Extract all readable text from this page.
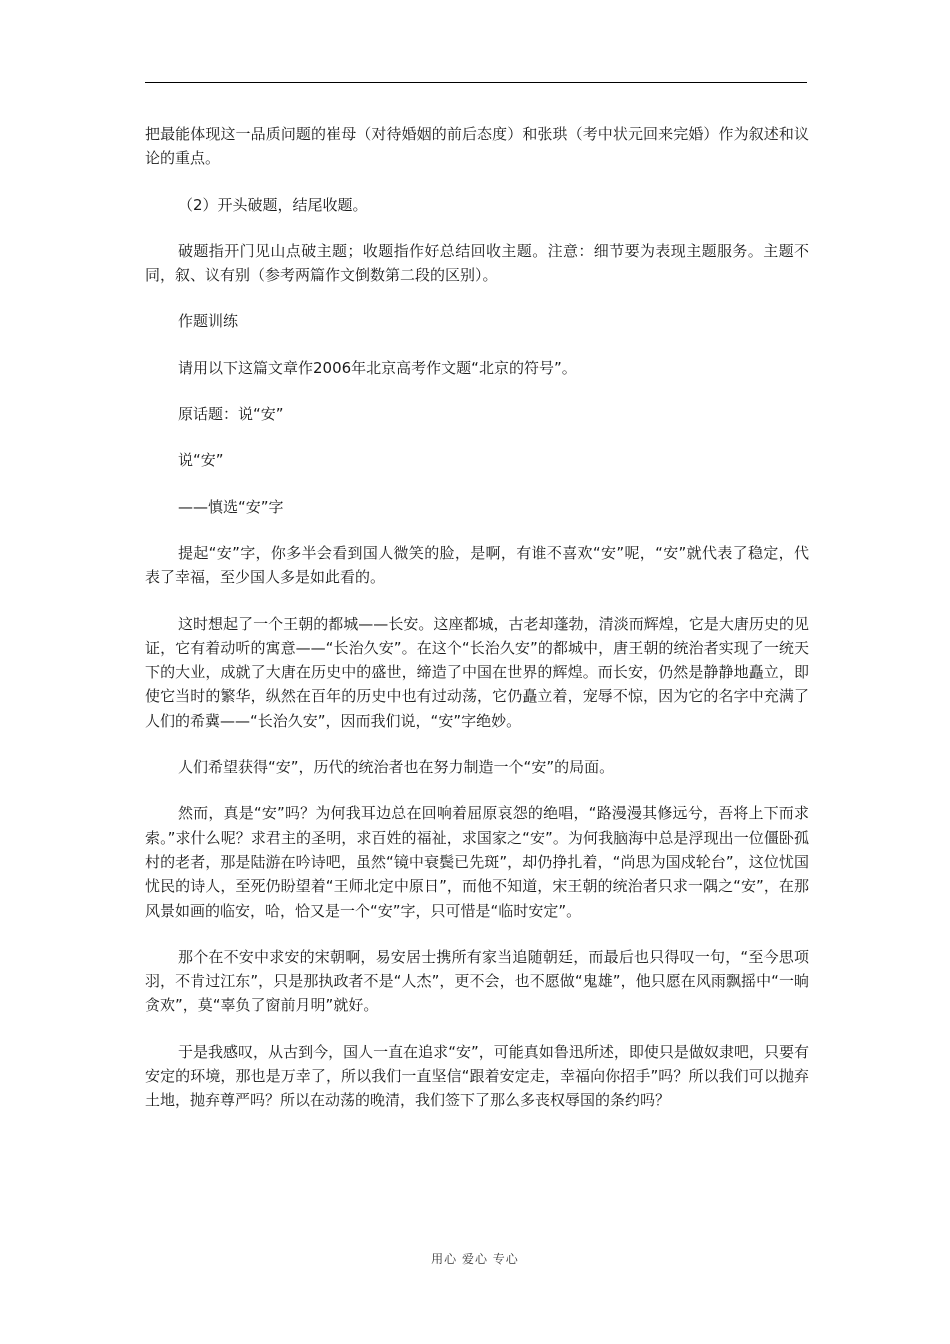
把最能体现这一品质问题的崔母（对待婚姻的前后态度）和张珙（考中状元回来完婚）作为叙述和议论的重点。

（2）开头破题，结尾收题。

破题指开门见山点破主题；收题指作好总结回收主题。注意：细节要为表现主题服务。主题不同，叙、议有别（参考两篇作文倒数第二段的区别）。

作题训练

请用以下这篇文章作2006年北京高考作文题“北京的符号”。

原话题：说“安”

说“安”

——慎选“安”字

提起“安”字，你多半会看到国人微笑的脸，是啊，有谁不喜欢“安”呢，“安”就代表了稳定，代表了幸福，至少国人多是如此看的。

这时想起了一个王朝的都城——长安。这座都城，古老却蓬勃，清淡而辉煌，它是大唐历史的见证，它有着动听的寓意——“长治久安”。在这个“长治久安”的都城中，唐王朝的统治者实现了一统天下的大业，成就了大唐在历史中的盛世，缔造了中国在世界的辉煌。而长安，仍然是静静地矗立，即使它当时的繁华，纵然在百年的历史中也有过动荡，它仍矗立着，宠辱不惊，因为它的名字中充满了人们的希冀——“长治久安”，因而我们说，“安”字绝妙。

人们希望获得“安”，历代的统治者也在努力制造一个“安”的局面。

然而，真是“安”吗？为何我耳边总在回响着屈原哀怨的绝唱，“路漫漫其修远兮，吾将上下而求索。”求什么呢？求君主的圣明，求百姓的福祉，求国家之“安”。为何我脑海中总是浮现出一位僵卧孤村的老者，那是陆游在吟诗吧，虽然“镜中衰鬓已先斑”，却仍挣扎着，“尚思为国戍轮台”，这位忧国忧民的诗人，至死仍盼望着“王师北定中原日”，而他不知道，宋王朝的统治者只求一隅之“安”，在那风景如画的临安，哈，恰又是一个“安”字，只可惜是“临时安定”。

那个在不安中求安的宋朝啊，易安居士携所有家当追随朝廷，而最后也只得叹一句，“至今思项羽，不肯过江东”，只是那执政者不是“人杰”，更不会，也不愿做“鬼雄”，他只愿在风雨飘摇中“一晌贪欢”，莫“辜负了窗前月明”就好。

于是我感叹，从古到今，国人一直在追求“安”，可能真如鲁迅所述，即使只是做奴隶吧，只要有安定的环境，那也是万幸了，所以我们一直坚信“跟着安定走，幸福向你招手”吗？所以我们可以抛弃土地，抛弃尊严吗？所以在动荡的晚清，我们签下了那么多丧权辱国的条约吗？

用心 爱心 专心
